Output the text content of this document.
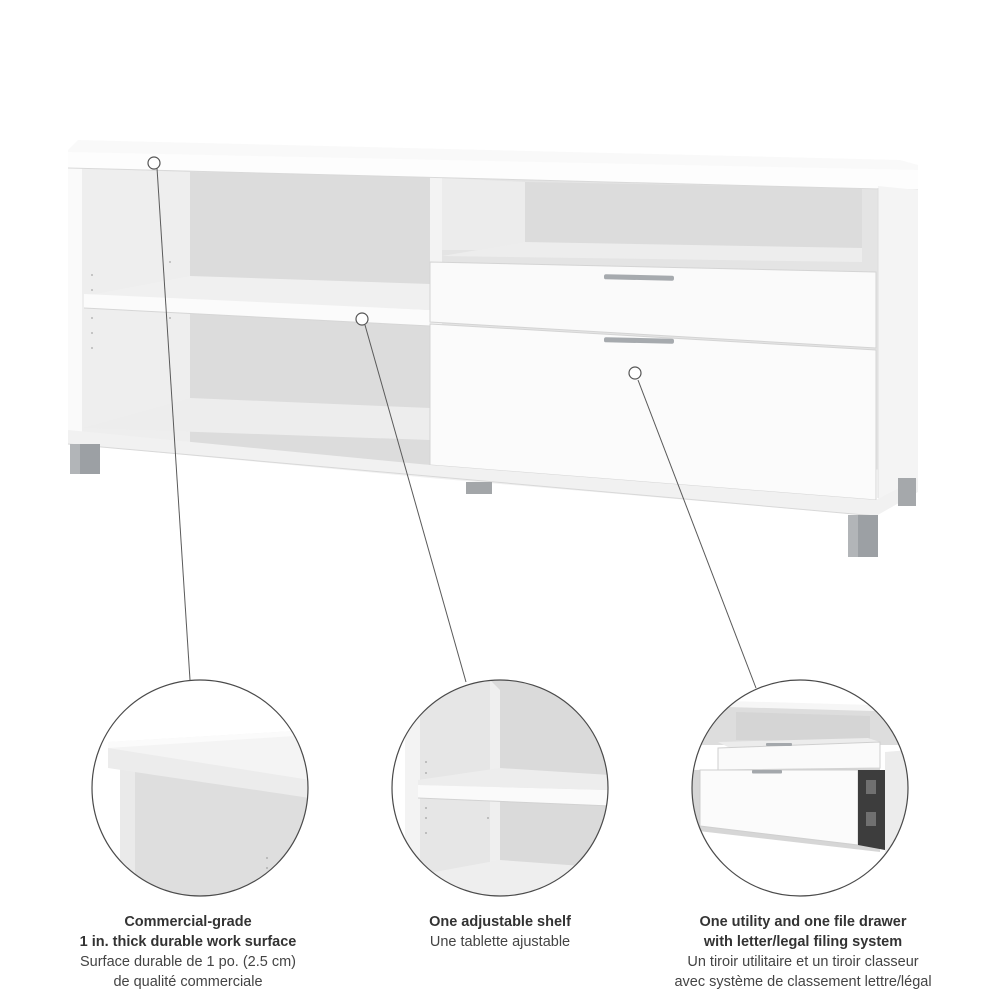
Commercial-grade
1 in. thick durable work surface
Surface durable de 1 po. (2.5 cm)
de qualité commerciale
One adjustable shelf
Une tablette ajustable
One utility and one file drawer
with letter/legal filing system
Un tiroir utilitaire et un tiroir classeur
avec système de classement lettre/légal
